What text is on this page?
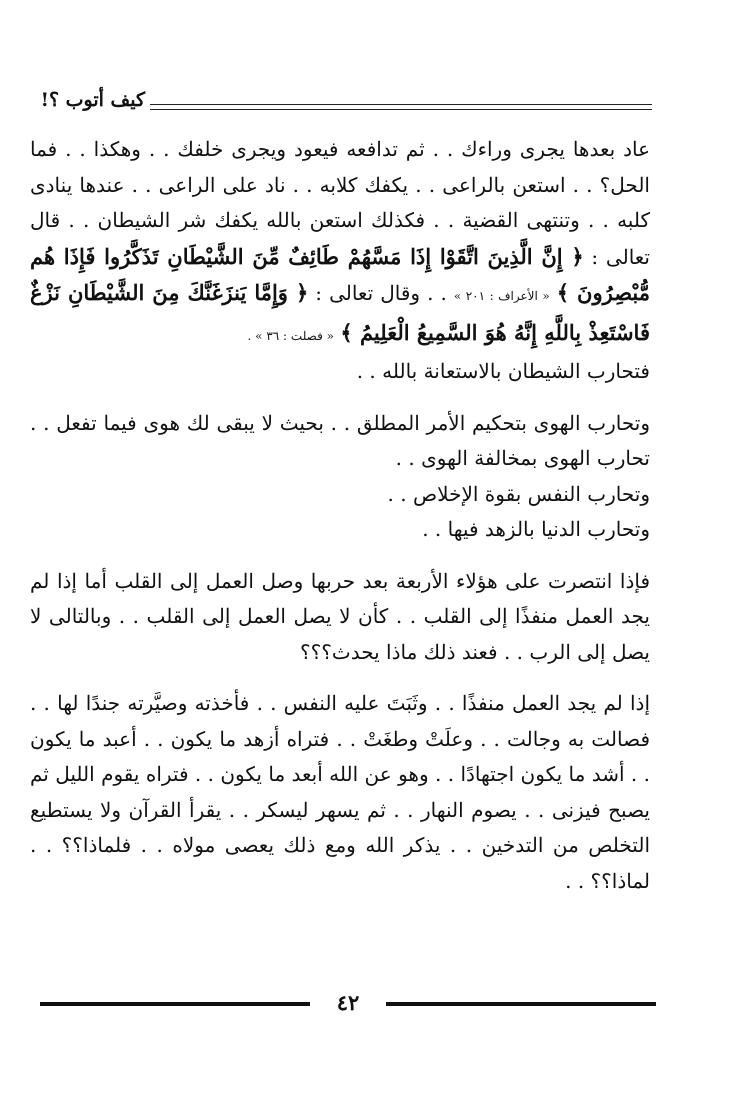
كيف أتوب ؟!

عاد بعدها يجرى وراءك . . ثم تدافعه فيعود ويجرى خلفك . . وهكذا . . فما الحل؟ . . استعن بالراعى . . يكفك كلابه . . ناد على الراعى . . عندها ينادى كلبه . . وتنتهى القضية . . فكذلك استعن بالله يكفك شر الشيطان . . قال تعالى : ﴿ إِنَّ الَّذِينَ اتَّقَوْا إِذَا مَسَّهُمْ طَائِفٌ مِّنَ الشَّيْطَانِ تَذَكَّرُوا فَإِذَا هُم مُّبْصِرُونَ ﴾ « الأعراف : ٢٠١ » . . وقال تعالى : ﴿ وَإِمَّا يَنزَغَنَّكَ مِنَ الشَّيْطَانِ نَزْغٌ فَاسْتَعِذْ بِاللَّهِ إِنَّهُ هُوَ السَّمِيعُ الْعَلِيمُ ﴾ « فصلت : ٣٦ » .

فتحارب الشيطان بالاستعانة بالله . .

وتحارب الهوى بتحكيم الأمر المطلق . . بحيث لا يبقى لك هوى فيما تفعل . . تحارب الهوى بمخالفة الهوى . .

وتحارب النفس بقوة الإخلاص . .

وتحارب الدنيا بالزهد فيها . .

فإذا انتصرت على هؤلاء الأربعة بعد حربها وصل العمل إلى القلب أما إذا لم يجد العمل منفذًا إلى القلب . . كأن لا يصل العمل إلى القلب . . وبالتالى لا يصل إلى الرب . . فعند ذلك ماذا يحدث؟؟؟

إذا لم يجد العمل منفذًا . . وثَبَتَ عليه النفس . . فأخذته وصيَّرته جندًا لها . . فصالت به وجالت . . وعلَتْ وطغَتْ . . فتراه أزهد ما يكون . . أعبد ما يكون . . أشد ما يكون اجتهادًا . . وهو عن الله أبعد ما يكون . . فتراه يقوم الليل ثم يصبح فيزنى . . يصوم النهار . . ثم يسهر ليسكر . . يقرأ القرآن ولا يستطيع التخلص من التدخين . . يذكر الله ومع ذلك يعصى مولاه . . فلماذا؟؟ . . لماذا؟؟ . .

٤٢
